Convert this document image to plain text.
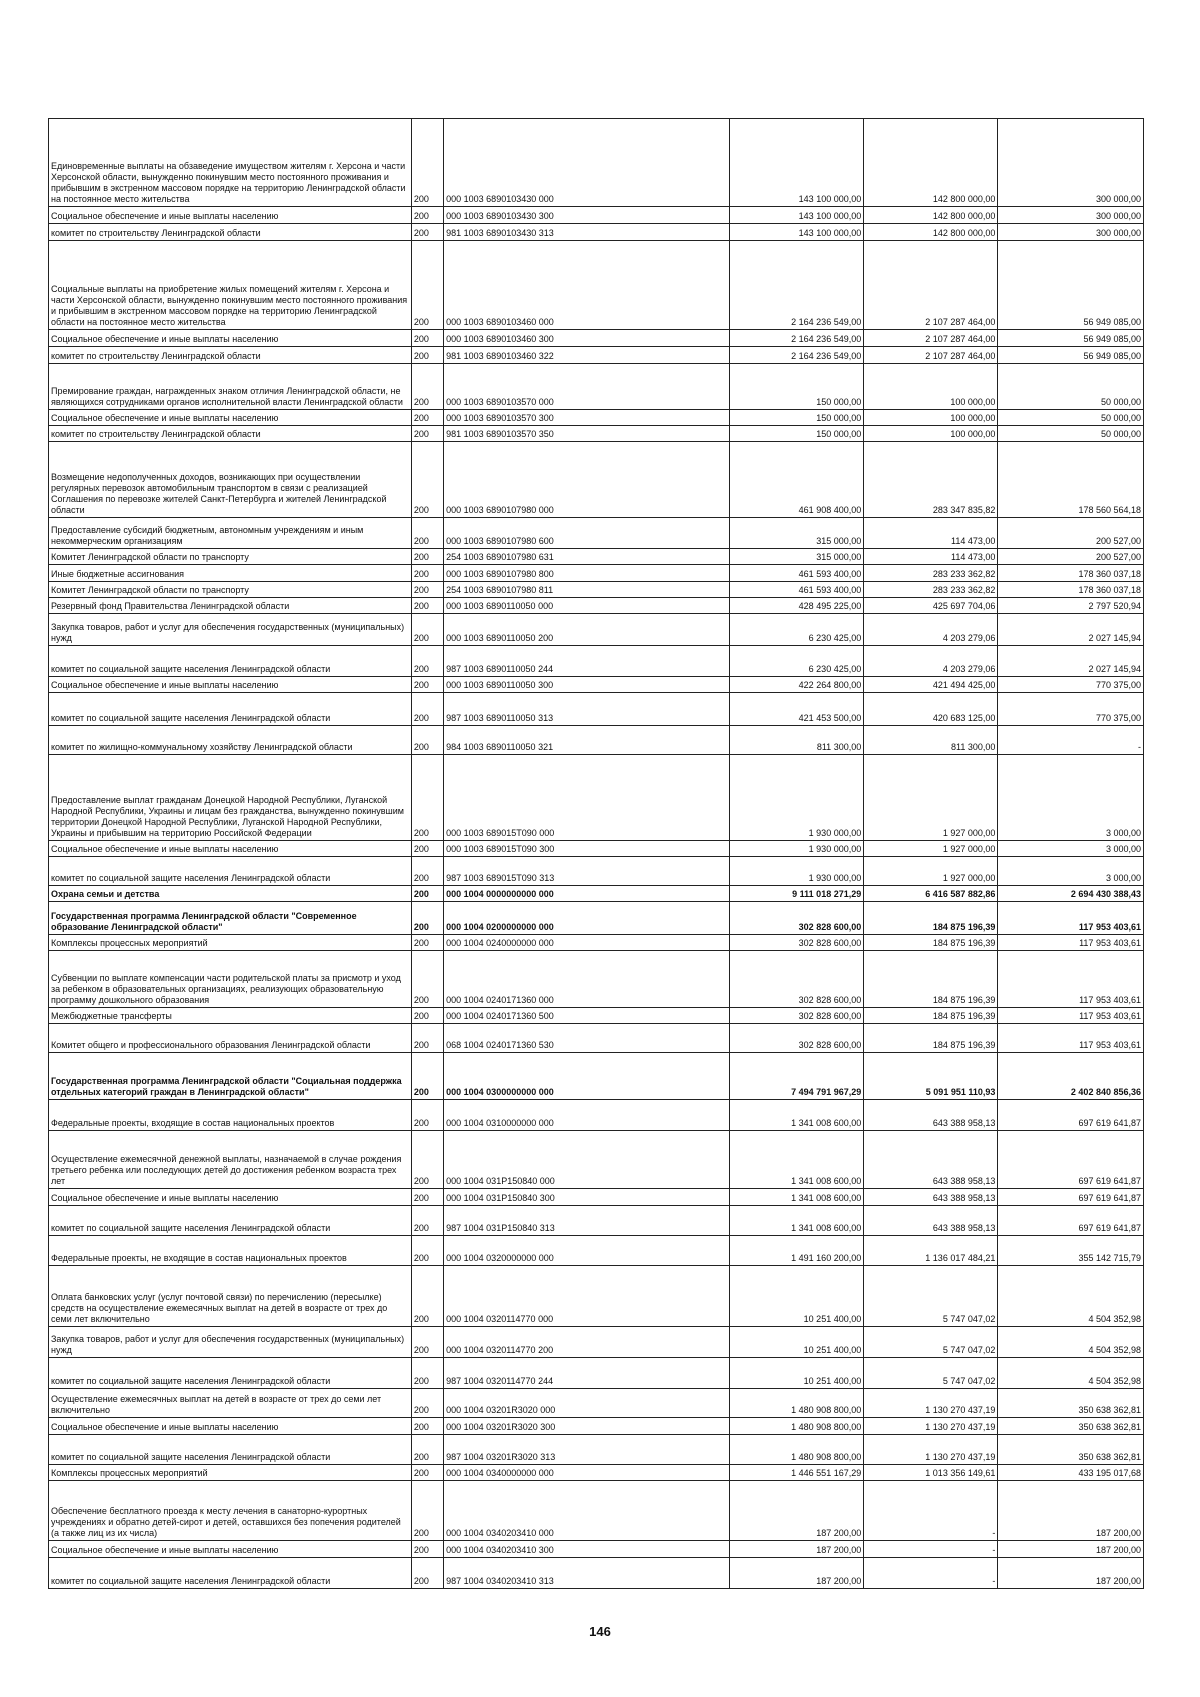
Единовременные выплаты на обзаведение имуществом жителям г. Херсона и части Херсонской области, вынужденно покинувшим место постоянного проживания и прибывшим в экстренном массовом порядке на территорию Ленинградской области на постоянное место жительства	200	000 1003 6890103430 000	143 100 000,00	142 800 000,00	300 000,00
Социальное обеспечение и иные выплаты населению	200	000 1003 6890103430 300	143 100 000,00	142 800 000,00	300 000,00
комитет по строительству Ленинградской области	200	981 1003 6890103430 313	143 100 000,00	142 800 000,00	300 000,00
Социальные выплаты на приобретение жилых помещений жителям г. Херсона и части Херсонской области, вынужденно покинувшим место постоянного проживания и прибывшим в экстренном массовом порядке на территорию Ленинградской области на постоянное место жительства	200	000 1003 6890103460 000	2 164 236 549,00	2 107 287 464,00	56 949 085,00
Социальное обеспечение и иные выплаты населению	200	000 1003 6890103460 300	2 164 236 549,00	2 107 287 464,00	56 949 085,00
комитет по строительству Ленинградской области	200	981 1003 6890103460 322	2 164 236 549,00	2 107 287 464,00	56 949 085,00
Премирование граждан, награжденных знаком отличия Ленинградской области, не являющихся сотрудниками органов исполнительной власти Ленинградской области	200	000 1003 6890103570 000	150 000,00	100 000,00	50 000,00
Социальное обеспечение и иные выплаты населению	200	000 1003 6890103570 300	150 000,00	100 000,00	50 000,00
комитет по строительству Ленинградской области	200	981 1003 6890103570 350	150 000,00	100 000,00	50 000,00
Возмещение недополученных доходов, возникающих при осуществлении регулярных перевозок автомобильным транспортом в связи с реализацией Соглашения по перевозке жителей Санкт-Петербурга и жителей Ленинградской области	200	000 1003 6890107980 000	461 908 400,00	283 347 835,82	178 560 564,18
Предоставление субсидий бюджетным, автономным учреждениям и иным некоммерческим организациям	200	000 1003 6890107980 600	315 000,00	114 473,00	200 527,00
Комитет Ленинградской области по транспорту	200	254 1003 6890107980 631	315 000,00	114 473,00	200 527,00
Иные бюджетные ассигнования	200	000 1003 6890107980 800	461 593 400,00	283 233 362,82	178 360 037,18
Комитет Ленинградской области по транспорту	200	254 1003 6890107980 811	461 593 400,00	283 233 362,82	178 360 037,18
Резервный фонд Правительства Ленинградской области	200	000 1003 6890110050 000	428 495 225,00	425 697 704,06	2 797 520,94
Закупка товаров, работ и услуг для обеспечения государственных (муниципальных) нужд	200	000 1003 6890110050 200	6 230 425,00	4 203 279,06	2 027 145,94
комитет по социальной защите населения Ленинградской области	200	987 1003 6890110050 244	6 230 425,00	4 203 279,06	2 027 145,94
Социальное обеспечение и иные выплаты населению	200	000 1003 6890110050 300	422 264 800,00	421 494 425,00	770 375,00
комитет по социальной защите населения Ленинградской области	200	987 1003 6890110050 313	421 453 500,00	420 683 125,00	770 375,00
комитет по жилищно-коммунальному хозяйству Ленинградской области	200	984 1003 6890110050 321	811 300,00	811 300,00	-
Предоставление выплат гражданам Донецкой Народной Республики, Луганской Народной Республики, Украины и лицам без гражданства, вынужденно покинувшим территории Донецкой Народной Республики, Луганской Народной Республики, Украины и прибывшим на территорию Российской Федерации	200	000 1003 689015Т090 000	1 930 000,00	1 927 000,00	3 000,00
Социальное обеспечение и иные выплаты населению	200	000 1003 689015Т090 300	1 930 000,00	1 927 000,00	3 000,00
комитет по социальной защите населения Ленинградской области	200	987 1003 689015Т090 313	1 930 000,00	1 927 000,00	3 000,00
Охрана семьи и детства	200	000 1004 0000000000 000	9 111 018 271,29	6 416 587 882,86	2 694 430 388,43
Государственная программа Ленинградской области "Современное образование Ленинградской области"	200	000 1004 0200000000 000	302 828 600,00	184 875 196,39	117 953 403,61
Комплексы процессных мероприятий	200	000 1004 0240000000 000	302 828 600,00	184 875 196,39	117 953 403,61
Субвенции по выплате компенсации части родительской платы за присмотр и уход за ребенком в образовательных организациях, реализующих образовательную программу дошкольного образования	200	000 1004 0240171360 000	302 828 600,00	184 875 196,39	117 953 403,61
Межбюджетные трансферты	200	000 1004 0240171360 500	302 828 600,00	184 875 196,39	117 953 403,61
Комитет общего и профессионального образования Ленинградской области	200	068 1004 0240171360 530	302 828 600,00	184 875 196,39	117 953 403,61
Государственная программа Ленинградской области "Социальная поддержка отдельных категорий граждан в Ленинградской области"	200	000 1004 0300000000 000	7 494 791 967,29	5 091 951 110,93	2 402 840 856,36
Федеральные проекты, входящие в состав национальных проектов	200	000 1004 0310000000 000	1 341 008 600,00	643 388 958,13	697 619 641,87
Осуществление ежемесячной денежной выплаты, назначаемой в случае рождения третьего ребенка или последующих детей до достижения ребенком возраста трех лет	200	000 1004 031Р150840 000	1 341 008 600,00	643 388 958,13	697 619 641,87
Социальное обеспечение и иные выплаты населению	200	000 1004 031Р150840 300	1 341 008 600,00	643 388 958,13	697 619 641,87
комитет по социальной защите населения Ленинградской области	200	987 1004 031Р150840 313	1 341 008 600,00	643 388 958,13	697 619 641,87
Федеральные проекты, не входящие в состав национальных проектов	200	000 1004 0320000000 000	1 491 160 200,00	1 136 017 484,21	355 142 715,79
Оплата банковских услуг (услуг почтовой связи) по перечислению (пересылке) средств на осуществление ежемесячных выплат на детей в возрасте от трех до семи лет включительно	200	000 1004 0320114770 000	10 251 400,00	5 747 047,02	4 504 352,98
Закупка товаров, работ и услуг для обеспечения государственных (муниципальных) нужд	200	000 1004 0320114770 200	10 251 400,00	5 747 047,02	4 504 352,98
комитет по социальной защите населения Ленинградской области	200	987 1004 0320114770 244	10 251 400,00	5 747 047,02	4 504 352,98
Осуществление ежемесячных выплат на детей в возрасте от трех до семи лет включительно	200	000 1004 03201R3020 000	1 480 908 800,00	1 130 270 437,19	350 638 362,81
Социальное обеспечение и иные выплаты населению	200	000 1004 03201R3020 300	1 480 908 800,00	1 130 270 437,19	350 638 362,81
комитет по социальной защите населения Ленинградской области	200	987 1004 03201R3020 313	1 480 908 800,00	1 130 270 437,19	350 638 362,81
Комплексы процессных мероприятий	200	000 1004 0340000000 000	1 446 551 167,29	1 013 356 149,61	433 195 017,68
Обеспечение бесплатного проезда к месту лечения в санаторно-курортных учреждениях и обратно детей-сирот и детей, оставшихся без попечения родителей (а также лиц из их числа)	200	000 1004 0340203410 000	187 200,00	-	187 200,00
Социальное обеспечение и иные выплаты населению	200	000 1004 0340203410 300	187 200,00	-	187 200,00
комитет по социальной защите населения Ленинградской области	200	987 1004 0340203410 313	187 200,00	-	187 200,00
146
